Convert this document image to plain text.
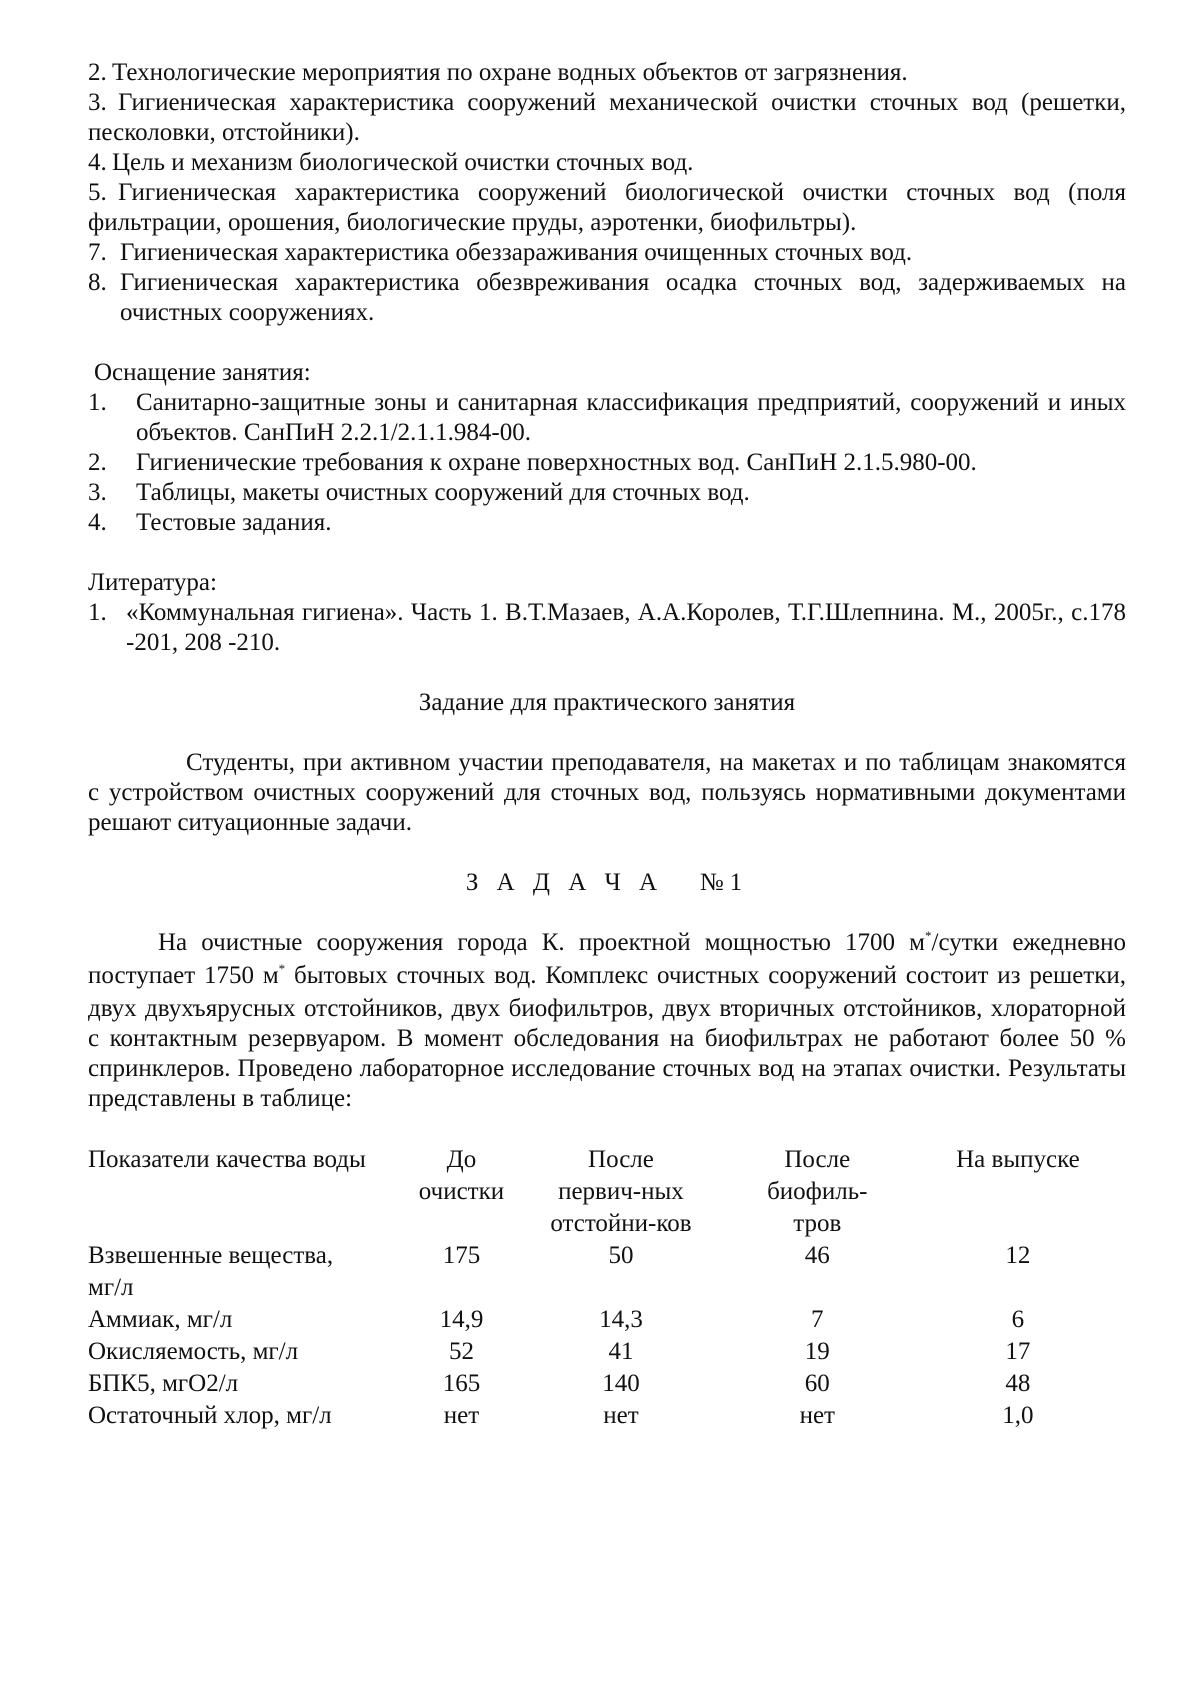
2. Технологические мероприятия по охране водных объектов от загрязнения.
3. Гигиеническая характеристика сооружений механической очистки сточных вод (решетки, песколовки, отстойники).
4. Цель и механизм биологической очистки сточных вод.
5. Гигиеническая характеристика сооружений биологической очистки сточных вод (поля фильтрации, орошения, биологические пруды, аэротенки, биофильтры).
7. Гигиеническая характеристика обеззараживания очищенных сточных вод.
8. Гигиеническая характеристика обезвреживания осадка сточных вод, задерживаемых на очистных сооружениях.

Оснащение занятия:

1.	Санитарно-защитные зоны и санитарная классификация предприятий, сооружений и иных объектов. СанПиН 2.2.1/2.1.1.984-00.
2.	Гигиенические требования к охране поверхностных вод. СанПиН 2.1.5.980-00.
3.	Таблицы, макеты очистных сооружений для сточных вод.
4.	Тестовые задания.

Литература:

1. «Коммунальная гигиена». Часть 1. В.Т.Мазаев, А.А.Королев, Т.Г.Шлепнина. М., 2005г., с.178 -201, 208 -210.

Задание для практического занятия

Студенты, при активном участии преподавателя, на макетах и по таблицам знакомятся с устройством очистных сооружений для сточных вод, пользуясь нормативными документами решают ситуационные задачи.

З А Д А Ч А   №1

На очистные сооружения города К. проектной мощностью 1700 м*/сутки ежедневно поступает 1750 м* бытовых сточных вод. Комплекс очистных сооружений состоит из решетки, двух двухъярусных отстойников, двух биофильтров, двух вторичных отстойников, хлораторной с контактным резервуаром. В момент обследования на биофильтрах не работают более 50 % спринклеров. Проведено лабораторное исследование сточных вод на этапах очистки. Результаты представлены в таблице:

Показатели качества воды	До очистки	После первич-ных отстойни-ков	После биофиль-тров	На выпуске
Взвешенные вещества, мг/л	175	50	46	12
Аммиак, мг/л	14,9	14,3	7	6
Окисляемость, мг/л	52	41	19	17
БПК5, мгО2/л	165	140	60	48
Остаточный хлор, мг/л	нет	нет	нет	1,0
